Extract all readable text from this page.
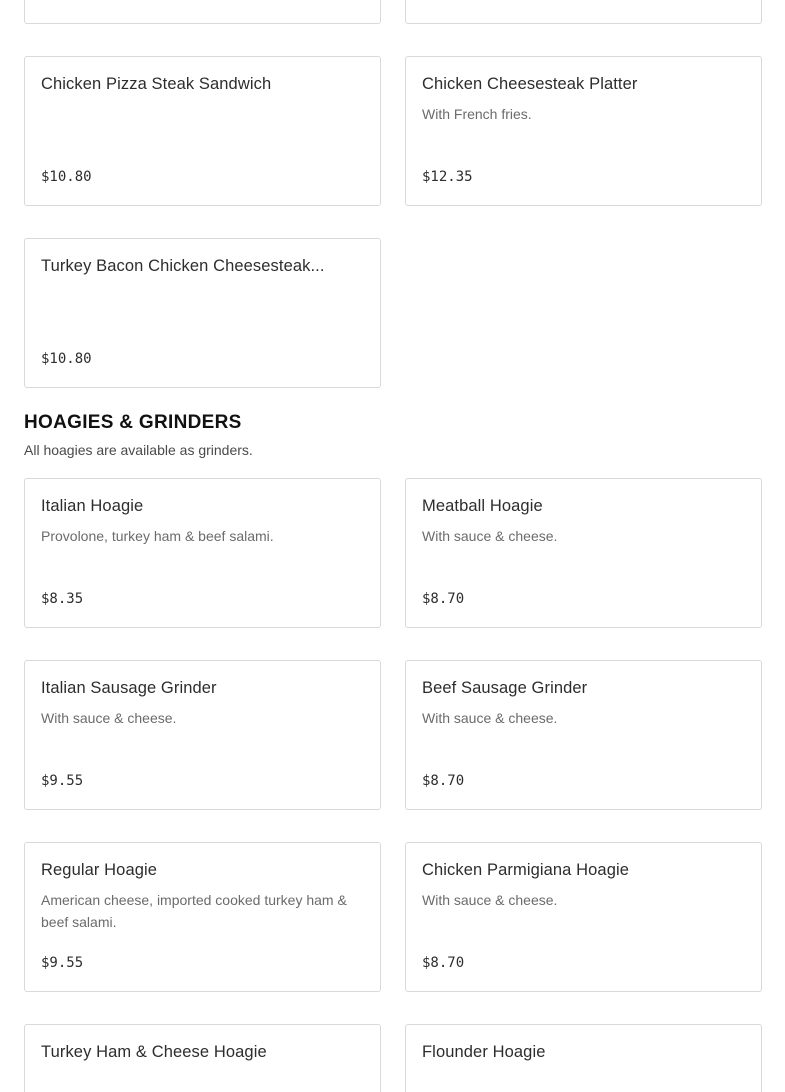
Chicken Pizza Steak Sandwich
$10.80
Chicken Cheesesteak Platter
With French fries.
$12.35
Turkey Bacon Chicken Cheesesteak...
$10.80
HOAGIES & GRINDERS
All hoagies are available as grinders.
Italian Hoagie
Provolone, turkey ham & beef salami.
$8.35
Meatball Hoagie
With sauce & cheese.
$8.70
Italian Sausage Grinder
With sauce & cheese.
$9.55
Beef Sausage Grinder
With sauce & cheese.
$8.70
Regular Hoagie
American cheese, imported cooked turkey ham & beef salami.
$9.55
Chicken Parmigiana Hoagie
With sauce & cheese.
$8.70
Turkey Ham & Cheese Hoagie	Flounder Hoagie
